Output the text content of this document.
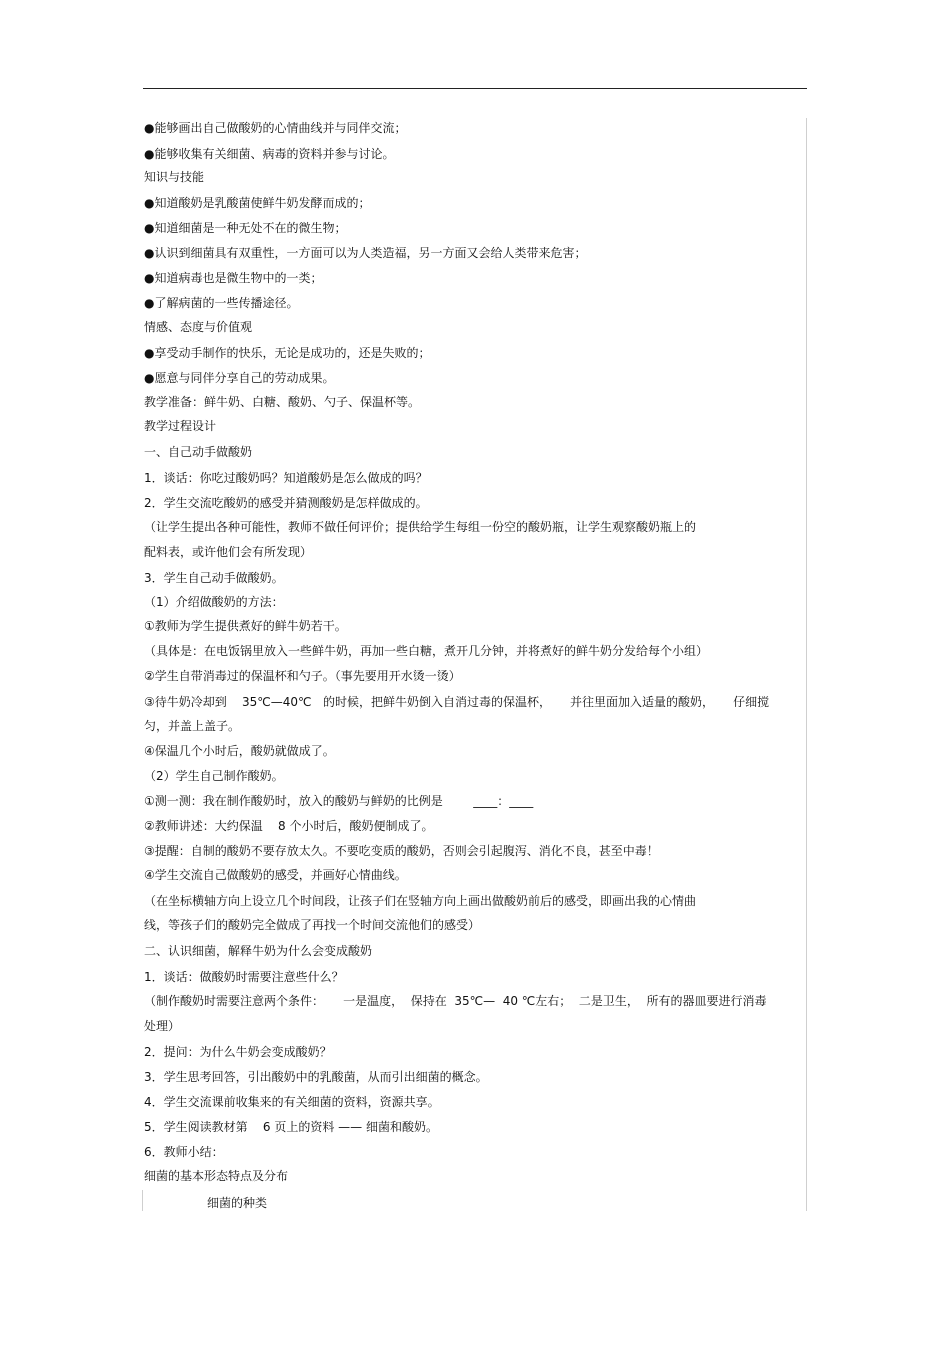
●能够画出自己做酸奶的心情曲线并与同伴交流；
●能够收集有关细菌、病毒的资料并参与讨论。
知识与技能
●知道酸奶是乳酸菌使鲜牛奶发酵而成的；
●知道细菌是一种无处不在的微生物；
●认识到细菌具有双重性，一方面可以为人类造福，另一方面又会给人类带来危害；
●知道病毒也是微生物中的一类；
●了解病菌的一些传播途径。
情感、态度与价值观
●享受动手制作的快乐，无论是成功的，还是失败的；
●愿意与同伴分享自己的劳动成果。
教学准备：鲜牛奶、白糖、酸奶、勺子、保温杯等。
教学过程设计
一、自己动手做酸奶
1．谈话：你吃过酸奶吗？知道酸奶是怎么做成的吗？
2．学生交流吃酸奶的感受并猜测酸奶是怎样做成的。
（让学生提出各种可能性，教师不做任何评价；提供给学生每组一份空的酸奶瓶，让学生观察酸奶瓶上的
配料表，或许他们会有所发现）
3．学生自己动手做酸奶。
（1）介绍做酸奶的方法：
①教师为学生提供煮好的鲜牛奶若干。
（具体是：在电饭锅里放入一些鲜牛奶，再加一些白糖，煮开几分钟，并将煮好的鲜牛奶分发给每个小组）
②学生自带消毒过的保温杯和勺子。（事先要用开水烫一烫）
③待牛奶冷却到    35℃—40℃   的时候，把鲜牛奶倒入自消过毒的保温杯，     并往里面加入适量的酸奶，     仔细搅
匀，并盖上盖子。
④保温几个小时后，酸奶就做成了。
（2）学生自己制作酸奶。
①测一测：我在制作酸奶时，放入的酸奶与鲜奶的比例是        ____：____
②教师讲述：大约保温    8 个小时后，酸奶便制成了。
③提醒：自制的酸奶不要存放太久。不要吃变质的酸奶，否则会引起腹泻、消化不良，甚至中毒！
④学生交流自己做酸奶的感受，并画好心情曲线。
（在坐标横轴方向上设立几个时间段，让孩子们在竖轴方向上画出做酸奶前后的感受，即画出我的心情曲
线，等孩子们的酸奶完全做成了再找一个时间交流他们的感受）
二、认识细菌，解释牛奶为什么会变成酸奶
1．谈话：做酸奶时需要注意些什么？
（制作酸奶时需要注意两个条件：     一是温度，  保持在  35℃—  40 ℃左右；  二是卫生，  所有的器皿要进行消毒
处理）
2．提问：为什么牛奶会变成酸奶？
3．学生思考回答，引出酸奶中的乳酸菌，从而引出细菌的概念。
4．学生交流课前收集来的有关细菌的资料，资源共享。
5．学生阅读教材第    6 页上的资料 —— 细菌和酸奶。
6．教师小结：
细菌的基本形态特点及分布
细菌的种类
